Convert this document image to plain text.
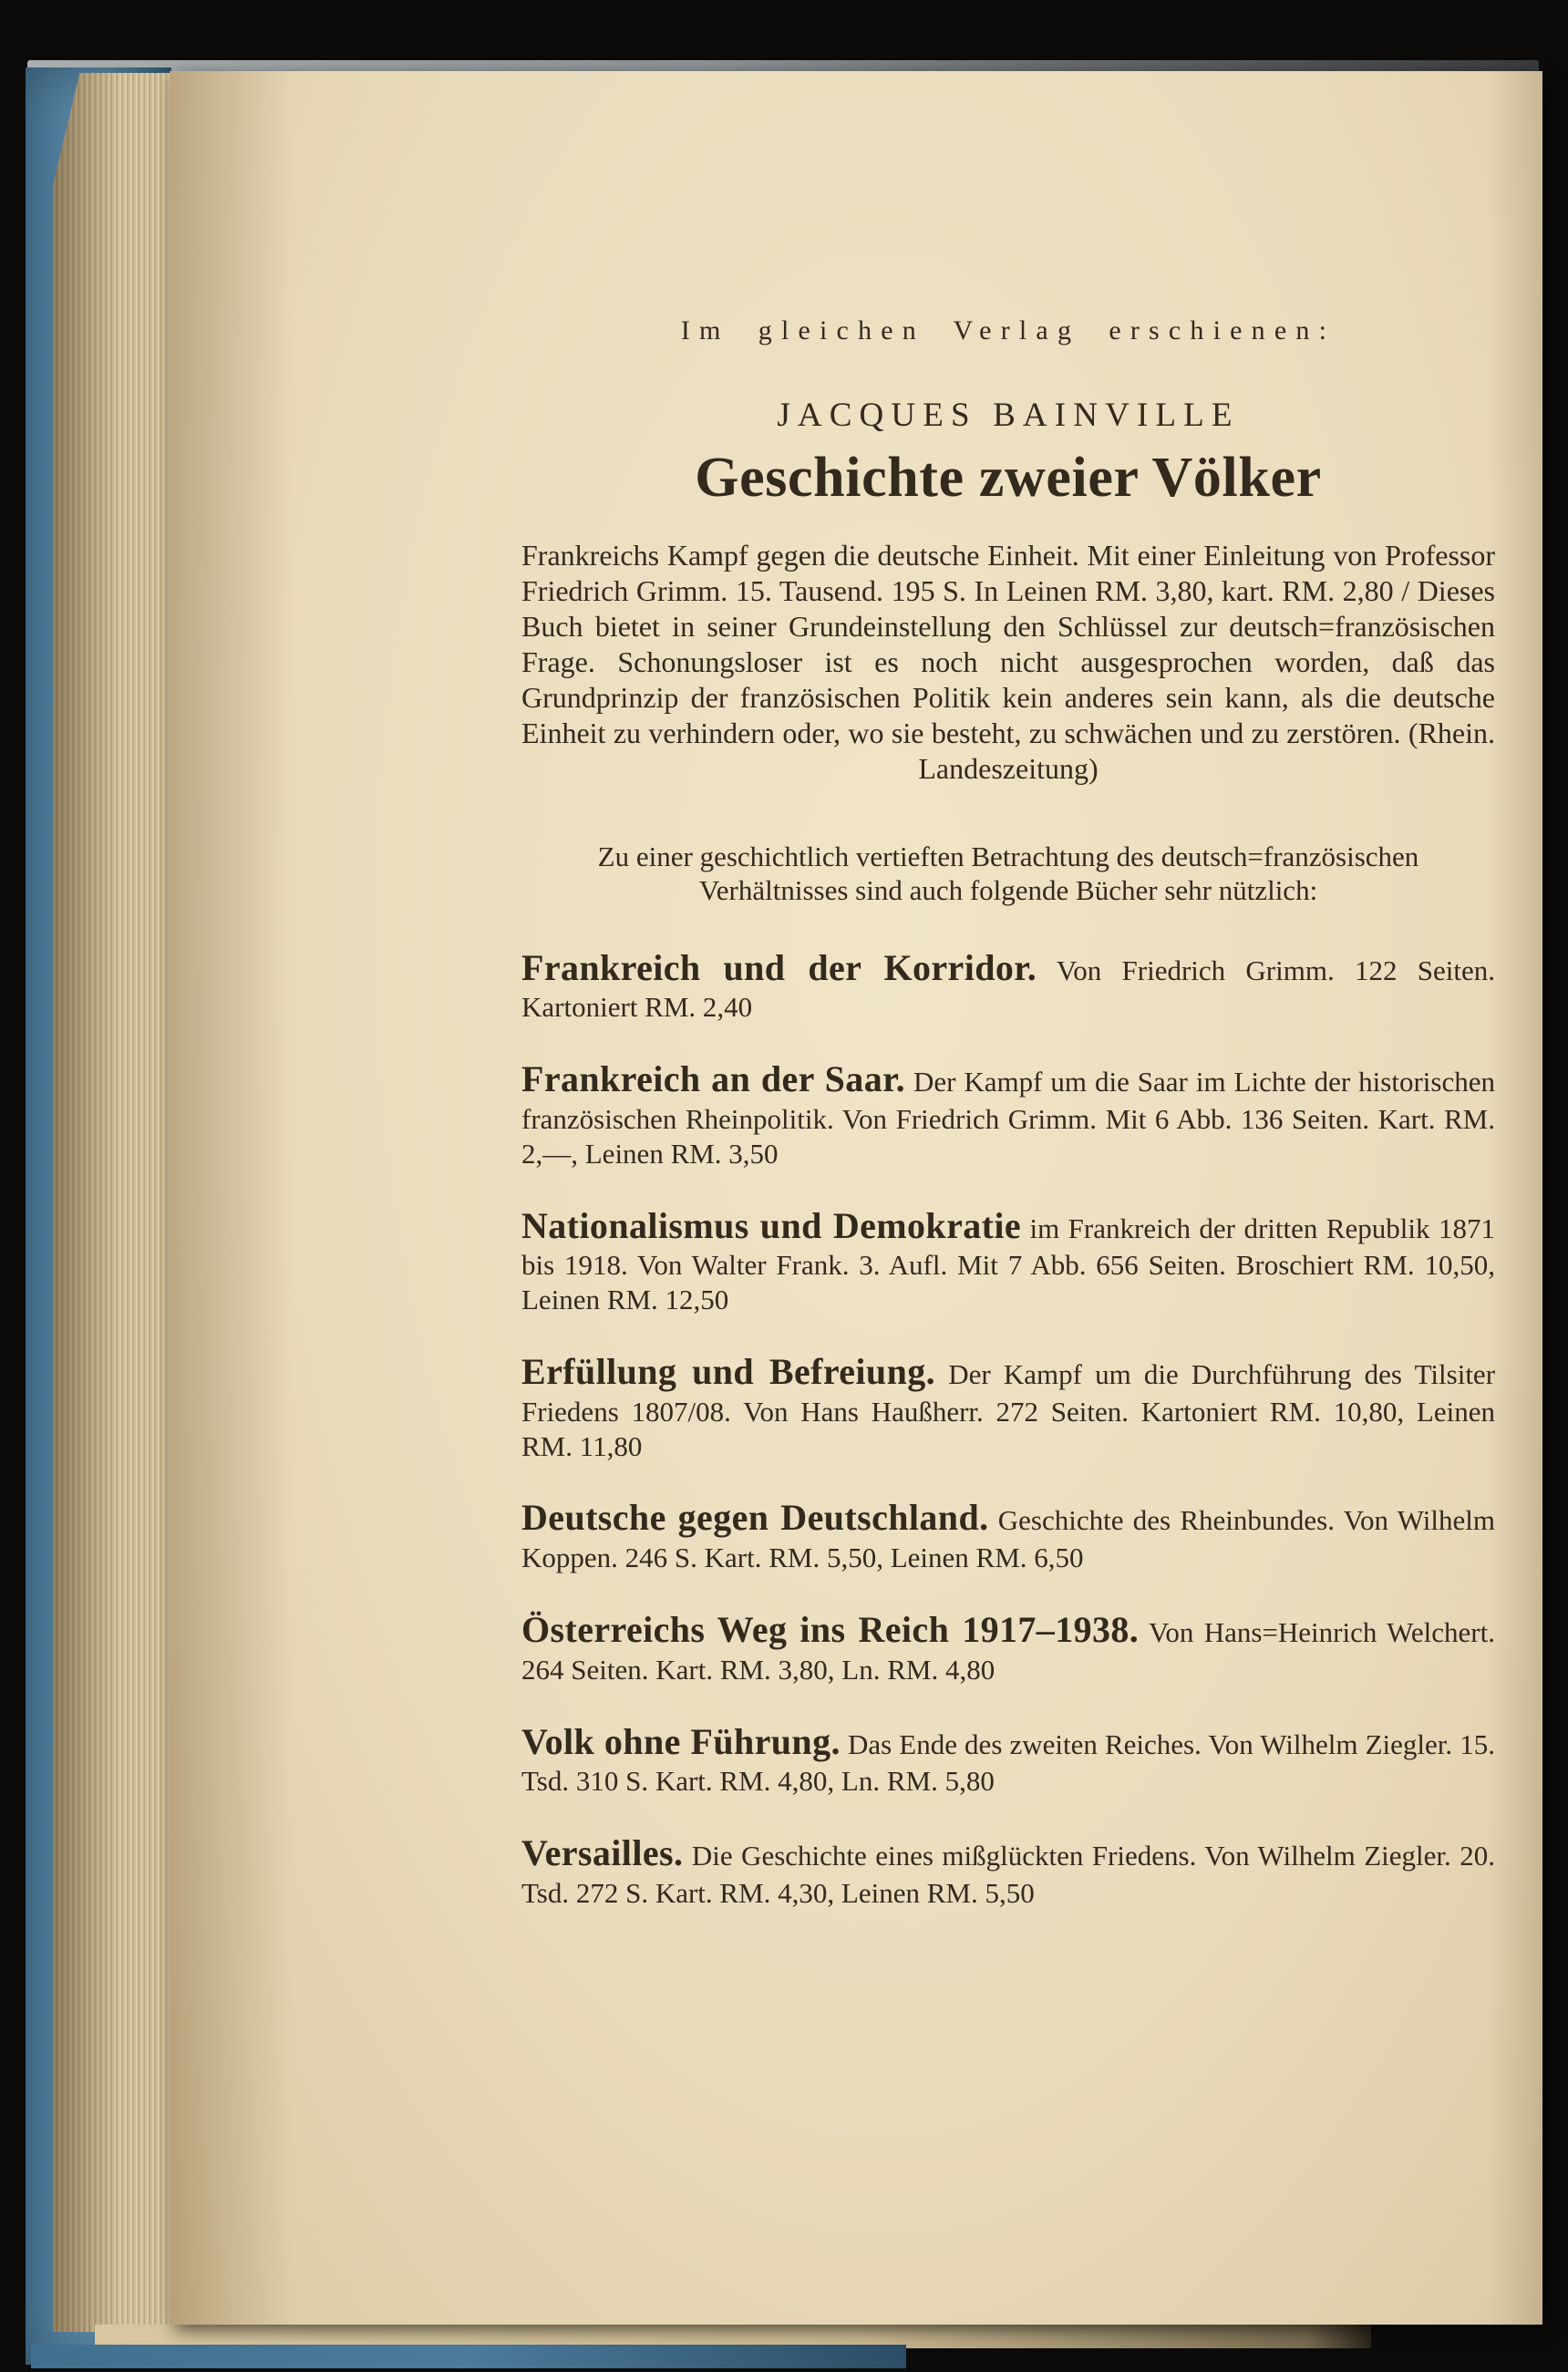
Im gleichen Verlag erschienen:

JACQUES BAINVILLE
Geschichte zweier Völker

Frankreichs Kampf gegen die deutsche Einheit. Mit einer Einleitung von Professor Friedrich Grimm. 15. Tausend. 195 S. In Leinen RM. 3,80, kart. RM. 2,80 / Dieses Buch bietet in seiner Grundeinstellung den Schlüssel zur deutsch=französischen Frage. Schonungsloser ist es noch nicht ausgesprochen worden, daß das Grundprinzip der französischen Politik kein anderes sein kann, als die deutsche Einheit zu verhindern oder, wo sie besteht, zu schwächen und zu zerstören. (Rhein. Landeszeitung)

Zu einer geschichtlich vertieften Betrachtung des deutsch=französischen Verhältnisses sind auch folgende Bücher sehr nützlich:

Frankreich und der Korridor. Von Friedrich Grimm. 122 Seiten. Kartoniert RM. 2,40

Frankreich an der Saar. Der Kampf um die Saar im Lichte der historischen französischen Rheinpolitik. Von Friedrich Grimm. Mit 6 Abb. 136 Seiten. Kart. RM. 2,—, Leinen RM. 3,50

Nationalismus und Demokratie im Frankreich der dritten Republik 1871 bis 1918. Von Walter Frank. 3. Aufl. Mit 7 Abb. 656 Seiten. Broschiert RM. 10,50, Leinen RM. 12,50

Erfüllung und Befreiung. Der Kampf um die Durchführung des Tilsiter Friedens 1807/08. Von Hans Haußherr. 272 Seiten. Kartoniert RM. 10,80, Leinen RM. 11,80

Deutsche gegen Deutschland. Geschichte des Rheinbundes. Von Wilhelm Koppen. 246 S. Kart. RM. 5,50, Leinen RM. 6,50

Österreichs Weg ins Reich 1917–1938. Von Hans=Heinrich Welchert. 264 Seiten. Kart. RM. 3,80, Ln. RM. 4,80

Volk ohne Führung. Das Ende des zweiten Reiches. Von Wilhelm Ziegler. 15. Tsd. 310 S. Kart. RM. 4,80, Ln. RM. 5,80

Versailles. Die Geschichte eines mißglückten Friedens. Von Wilhelm Ziegler. 20. Tsd. 272 S. Kart. RM. 4,30, Leinen RM. 5,50
